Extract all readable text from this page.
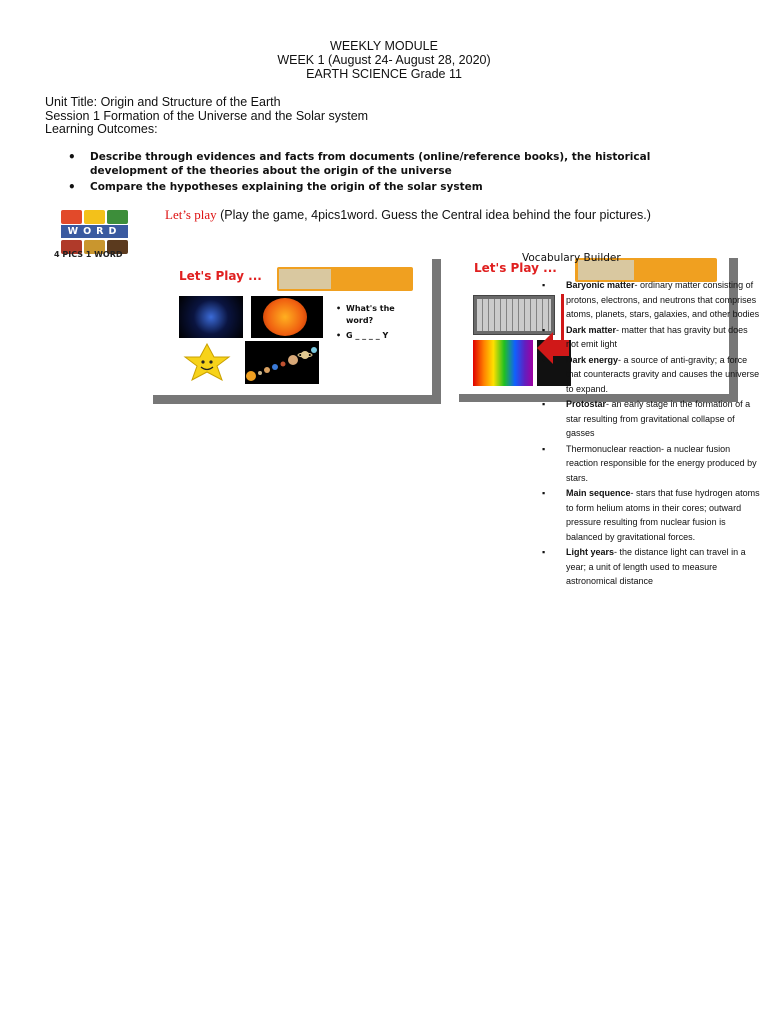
WEEKLY MODULE
WEEK 1 (August 24- August 28, 2020)
EARTH SCIENCE Grade 11
Unit Title: Origin and Structure of the Earth
Session 1 Formation of the Universe and the Solar system
Learning Outcomes:
• Describe through evidences and facts from documents (online/reference books), the historical development of the theories about the origin of the universe
• Compare the hypotheses explaining the origin of the solar system
WORD
4 PICS 1 WORD
Let’s play (Play the game, 4pics1word. Guess the Central idea behind the four pictures.)
Let's Play ...
• What's the word?
• G _ _ _ _ Y
Let's Play ...
Vocabulary Builder
▪ Baryonic matter- ordinary matter consisting of protons, electrons, and neutrons that comprises atoms, planets, stars, galaxies, and other bodies
▪ Dark matter- matter that has gravity but does not emit light
▪ Dark energy- a source of anti-gravity; a force that counteracts gravity and causes the universe to expand.
▪ Protostar- an early stage in the formation of a star resulting from gravitational collapse of gasses
▪ Thermonuclear reaction- a nuclear fusion reaction responsible for the energy produced by stars.
▪ Main sequence- stars that fuse hydrogen atoms to form helium atoms in their cores; outward pressure resulting from nuclear fusion is balanced by gravitational forces.
▪ Light years- the distance light can travel in a year; a unit of length used to measure astronomical distance
